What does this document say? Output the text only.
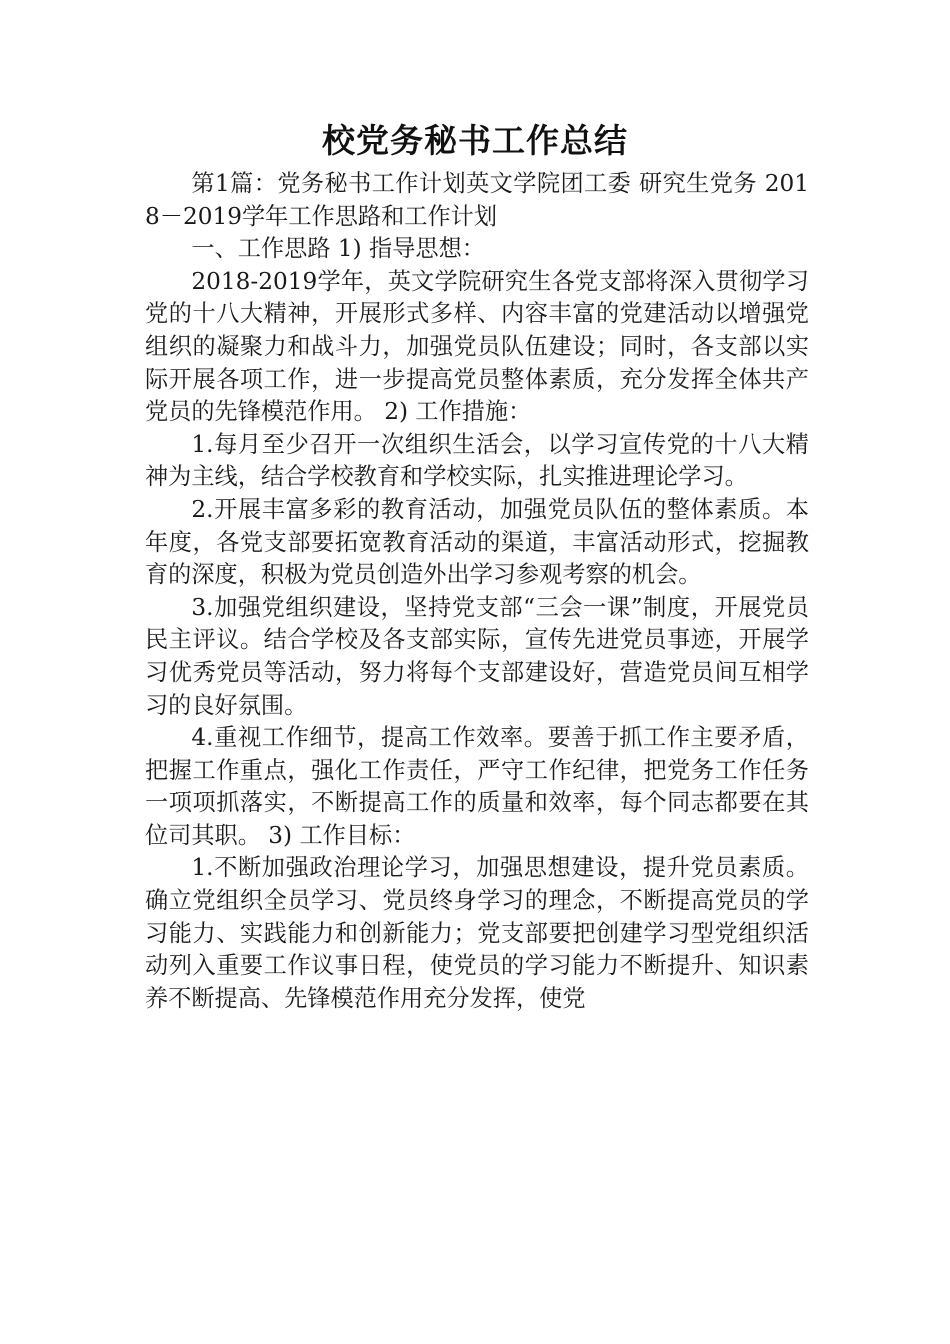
校党务秘书工作总结

第1篇：党务秘书工作计划英文学院团工委 研究生党务 2018－2019学年工作思路和工作计划

一、工作思路 1) 指导思想：

2018-2019学年，英文学院研究生各党支部将深入贯彻学习党的十八大精神，开展形式多样、内容丰富的党建活动以增强党组织的凝聚力和战斗力，加强党员队伍建设；同时，各支部以实际开展各项工作，进一步提高党员整体素质，充分发挥全体共产党员的先锋模范作用。 2) 工作措施：

1.每月至少召开一次组织生活会，以学习宣传党的十八大精神为主线，结合学校教育和学校实际，扎实推进理论学习。

2.开展丰富多彩的教育活动，加强党员队伍的整体素质。本年度，各党支部要拓宽教育活动的渠道，丰富活动形式，挖掘教育的深度，积极为党员创造外出学习参观考察的机会。

3.加强党组织建设，坚持党支部“三会一课”制度，开展党员民主评议。结合学校及各支部实际，宣传先进党员事迹，开展学习优秀党员等活动，努力将每个支部建设好，营造党员间互相学习的良好氛围。

4.重视工作细节，提高工作效率。要善于抓工作主要矛盾，把握工作重点，强化工作责任，严守工作纪律，把党务工作任务一项项抓落实，不断提高工作的质量和效率，每个同志都要在其位司其职。 3) 工作目标：

1.不断加强政治理论学习，加强思想建设，提升党员素质。 确立党组织全员学习、党员终身学习的理念，不断提高党员的学习能力、实践能力和创新能力；党支部要把创建学习型党组织活动列入重要工作议事日程，使党员的学习能力不断提升、知识素养不断提高、先锋模范作用充分发挥，使党
